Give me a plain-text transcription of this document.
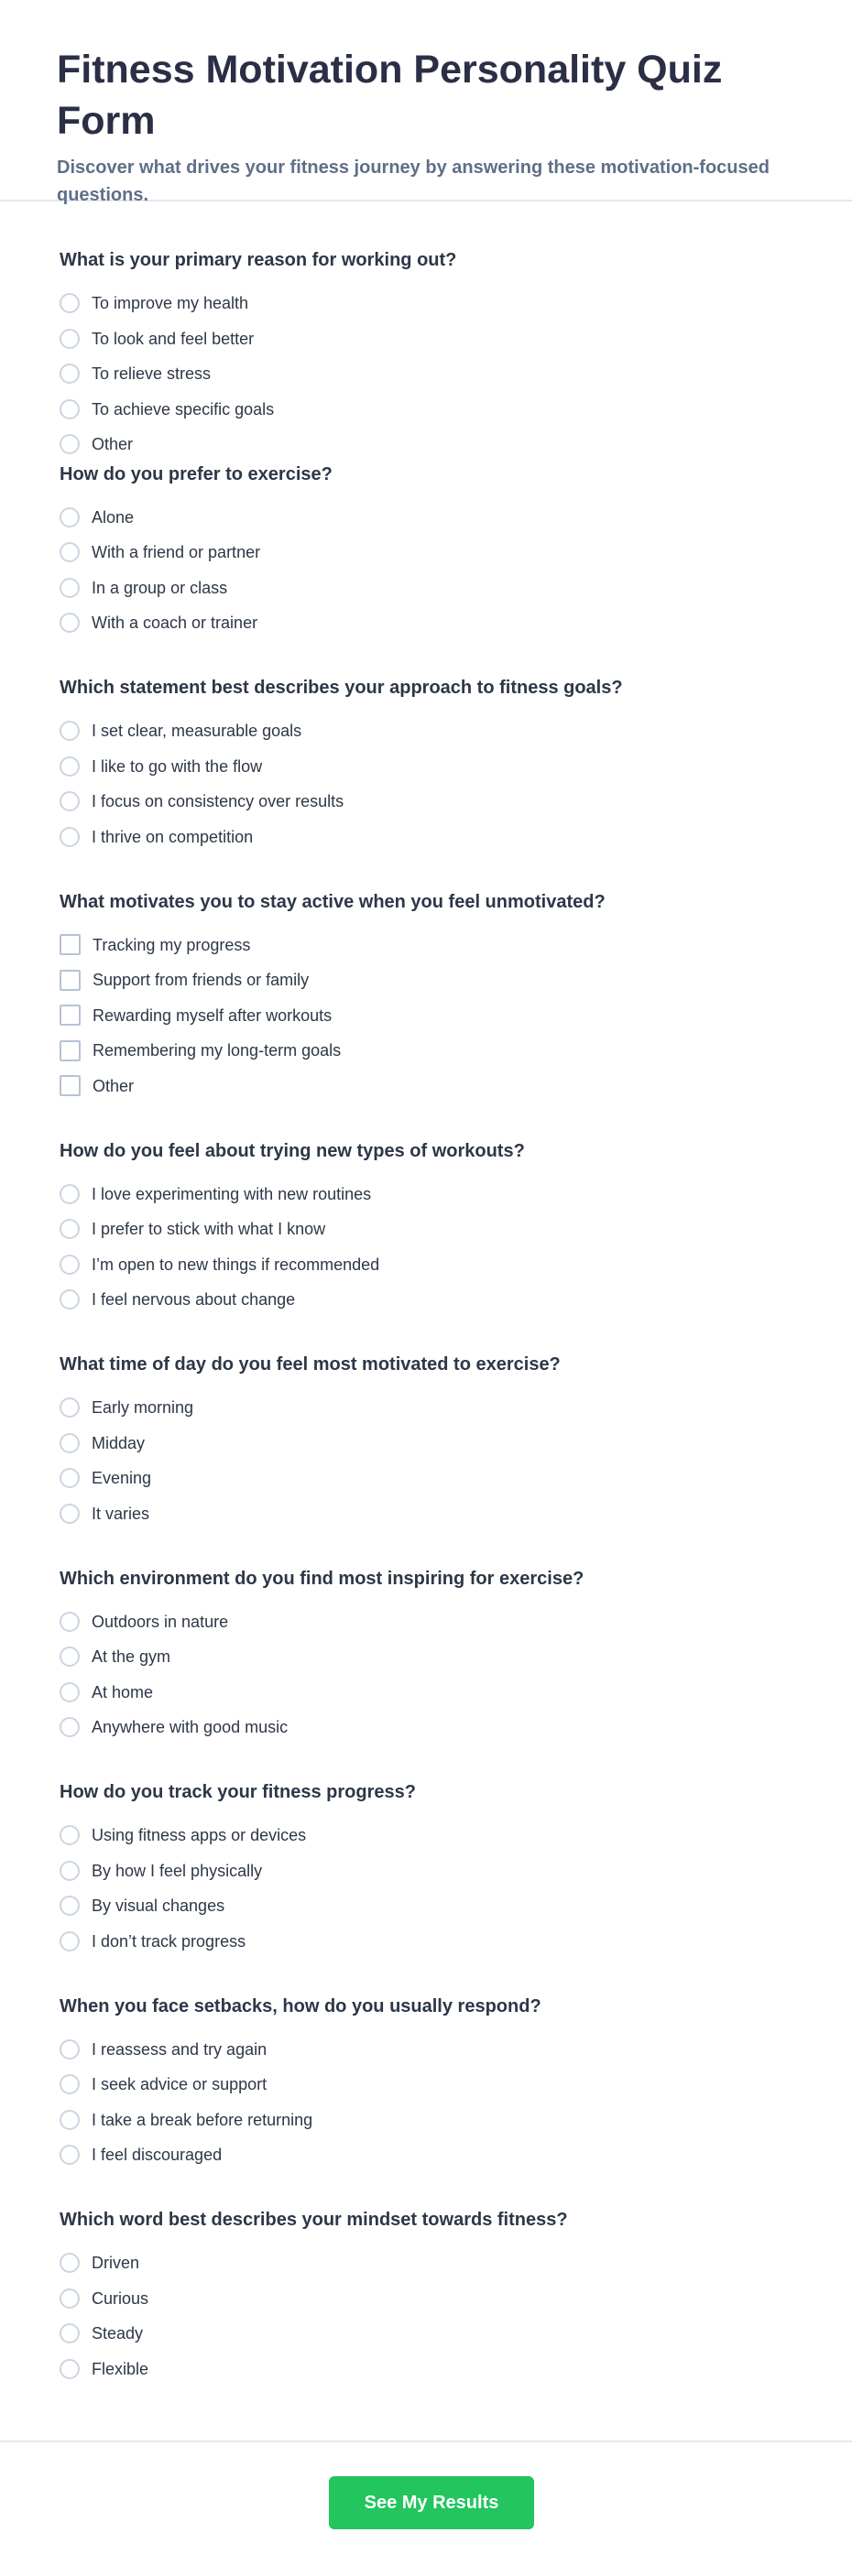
Fitness Motivation Personality Quiz Form

Discover what drives your fitness journey by answering these motivation-focused questions.

What is your primary reason for working out?

To improve my health
To look and feel better
To relieve stress
To achieve specific goals
Other

How do you prefer to exercise?

Alone
With a friend or partner
In a group or class
With a coach or trainer

Which statement best describes your approach to fitness goals?

I set clear, measurable goals
I like to go with the flow
I focus on consistency over results
I thrive on competition

What motivates you to stay active when you feel unmotivated?

Tracking my progress
Support from friends or family
Rewarding myself after workouts
Remembering my long-term goals
Other

How do you feel about trying new types of workouts?

I love experimenting with new routines
I prefer to stick with what I know
I’m open to new things if recommended
I feel nervous about change

What time of day do you feel most motivated to exercise?

Early morning
Midday
Evening
It varies

Which environment do you find most inspiring for exercise?

Outdoors in nature
At the gym
At home
Anywhere with good music

How do you track your fitness progress?

Using fitness apps or devices
By how I feel physically
By visual changes
I don’t track progress

When you face setbacks, how do you usually respond?

I reassess and try again
I seek advice or support
I take a break before returning
I feel discouraged

Which word best describes your mindset towards fitness?

Driven
Curious
Steady
Flexible
See My Results
